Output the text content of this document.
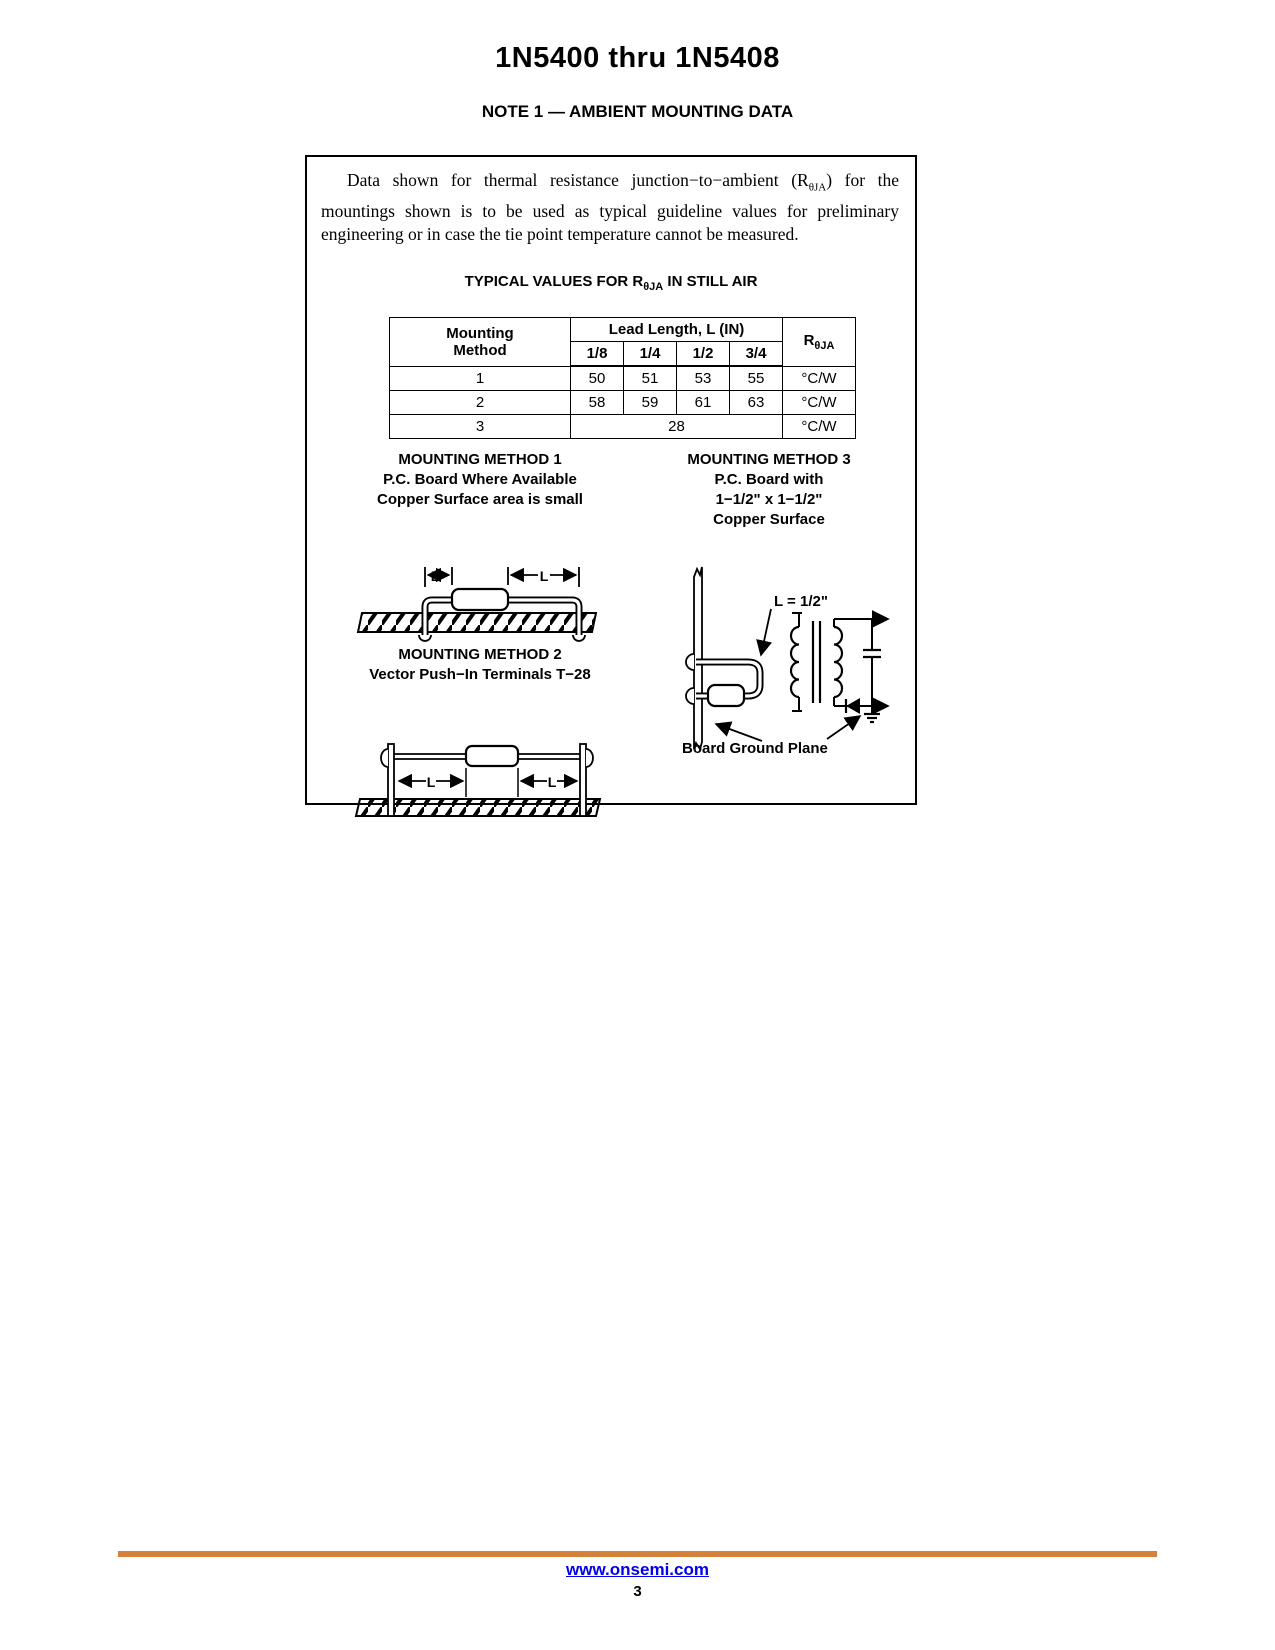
1N5400 thru 1N5408
NOTE 1 — AMBIENT MOUNTING DATA
Data shown for thermal resistance junction−to−ambient $(R_{\theta JA})$ for the mountings shown is to be used as typical guideline values for preliminary engineering or in case the tie point temperature cannot be measured.
TYPICAL VALUES FOR $R_{\theta JA}$ IN STILL AIR
Mounting
Method	Lead Length, L (IN)				$R_{\theta JA}$
	1/8	1/4	1/2	3/4	
1	50	51	53	55	°C/W
2	58	59	61	63	°C/W
3	28				°C/W
MOUNTING METHOD 1
P.C. Board Where Available
Copper Surface area is small
MOUNTING METHOD 3
P.C. Board with
1−1/2" x 1−1/2"
Copper Surface
MOUNTING METHOD 2
Vector Push−In Terminals T−28
L	L
L	L
L = 1/2"
Board Ground Plane
www.onsemi.com
3
